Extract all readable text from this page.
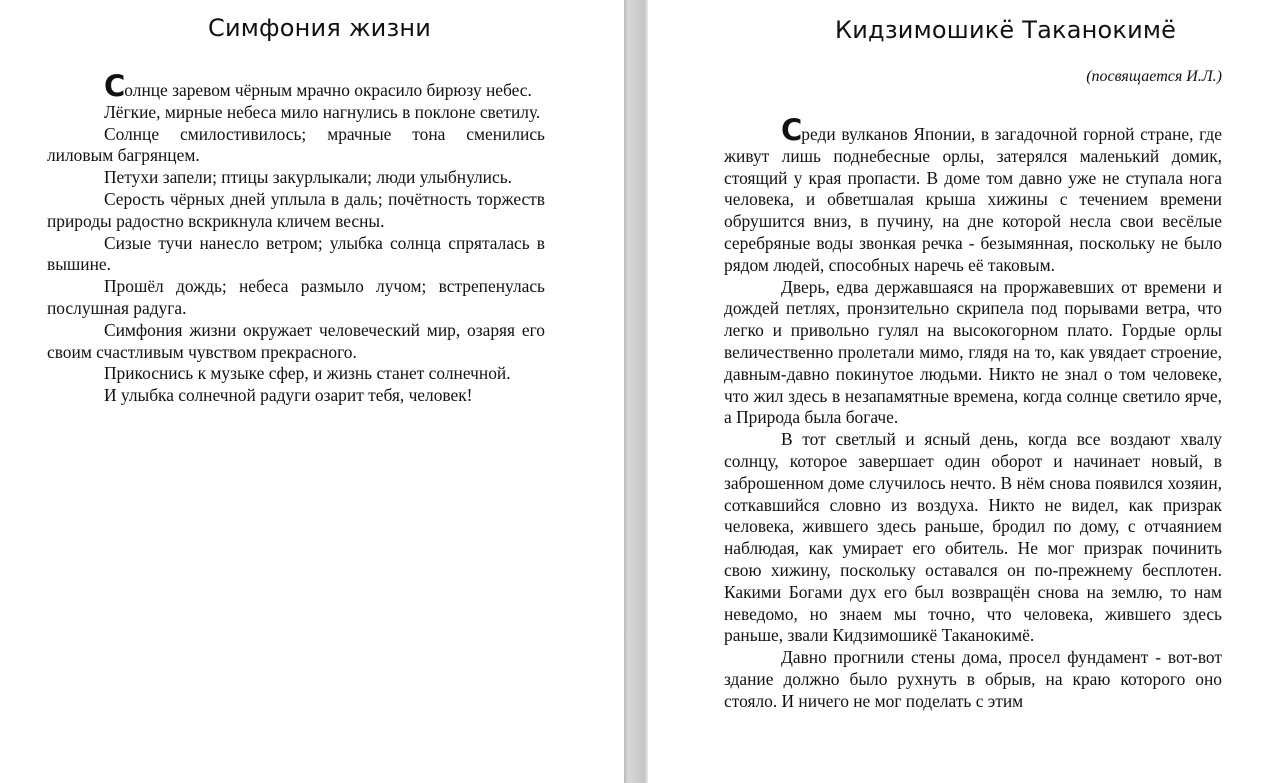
Симфония жизни

Солнце заревом чёрным мрачно окрасило бирюзу небес.

Лёгкие, мирные небеса мило нагнулись в поклоне светилу.

Солнце смилостивилось; мрачные тона сменились лиловым багрянцем.

Петухи запели; птицы закурлыкали; люди улыбнулись.

Серость чёрных дней уплыла в даль; почётность торжеств природы радостно вскрикнула кличем весны.

Сизые тучи нанесло ветром; улыбка солнца спряталась в вышине.

Прошёл дождь; небеса размыло лучом; встрепенулась послушная радуга.

Симфония жизни окружает человеческий мир, озаряя его своим счастливым чувством прекрасного.

Прикоснись к музыке сфер, и жизнь станет солнечной.

И улыбка солнечной радуги озарит тебя, человек!

Кидзимошикё Таканокимё
(посвящается И.Л.)

Среди вулканов Японии, в загадочной горной стране, где живут лишь поднебесные орлы, затерялся маленький домик, стоящий у края пропасти. В доме том давно уже не ступала нога человека, и обветшалая крыша хижины с течением времени обрушится вниз, в пучину, на дне которой несла свои весёлые серебряные воды звонкая речка - безымянная, поскольку не было рядом людей, способных наречь её таковым.

Дверь, едва державшаяся на проржавевших от времени и дождей петлях, пронзительно скрипела под порывами ветра, что легко и привольно гулял на высокогорном плато. Гордые орлы величественно пролетали мимо, глядя на то, как увядает строение, давным-давно покинутое людьми. Никто не знал о том человеке, что жил здесь в незапамятные времена, когда солнце светило ярче, а Природа была богаче.

В тот светлый и ясный день, когда все воздают хвалу солнцу, которое завершает один оборот и начинает новый, в заброшенном доме случилось нечто. В нём снова появился хозяин, соткавшийся словно из воздуха. Никто не видел, как призрак человека, жившего здесь раньше, бродил по дому, с отчаянием наблюдая, как умирает его обитель. Не мог призрак починить свою хижину, поскольку оставался он по-прежнему бесплотен. Какими Богами дух его был возвращён снова на землю, то нам неведомо, но знаем мы точно, что человека, жившего здесь раньше, звали Кидзимошикё Таканокимё.

Давно прогнили стены дома, просел фундамент - вот-вот здание должно было рухнуть в обрыв, на краю которого оно стояло. И ничего не мог поделать с этим
